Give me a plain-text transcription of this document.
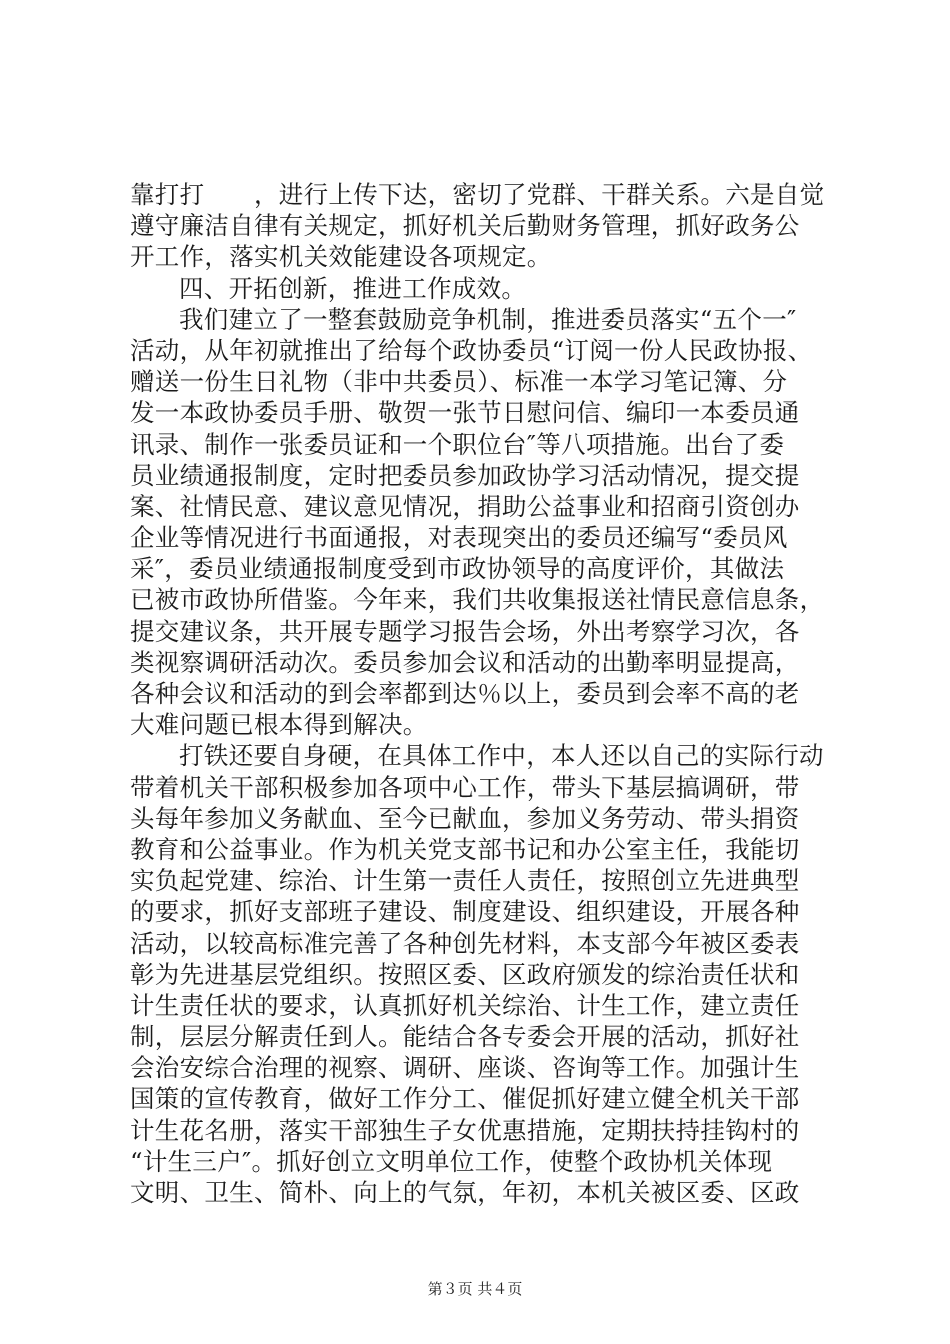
靠打打　　，进行上传下达，密切了党群、干群关系。六是自觉
遵守廉洁自律有关规定，抓好机关后勤财务管理，抓好政务公
开工作，落实机关效能建设各项规定。
四、开拓创新，推进工作成效。
我们建立了一整套鼓励竞争机制，推进委员落实“五个一″
活动，从年初就推出了给每个政协委员“订阅一份人民政协报、
赠送一份生日礼物（非中共委员）、标准一本学习笔记簿、分
发一本政协委员手册、敬贺一张节日慰问信、编印一本委员通
讯录、制作一张委员证和一个职位台″等八项措施。出台了委
员业绩通报制度，定时把委员参加政协学习活动情况，提交提
案、社情民意、建议意见情况，捐助公益事业和招商引资创办
企业等情况进行书面通报，对表现突出的委员还编写“委员风
采″，委员业绩通报制度受到市政协领导的高度评价，其做法
已被市政协所借鉴。今年来，我们共收集报送社情民意信息条，
提交建议条，共开展专题学习报告会场，外出考察学习次，各
类视察调研活动次。委员参加会议和活动的出勤率明显提高，
各种会议和活动的到会率都到达％以上，委员到会率不高的老
大难问题已根本得到解决。
打铁还要自身硬，在具体工作中，本人还以自己的实际行动
带着机关干部积极参加各项中心工作，带头下基层搞调研，带
头每年参加义务献血、至今已献血，参加义务劳动、带头捐资
教育和公益事业。作为机关党支部书记和办公室主任，我能切
实负起党建、综治、计生第一责任人责任，按照创立先进典型
的要求，抓好支部班子建设、制度建设、组织建设，开展各种
活动，以较高标准完善了各种创先材料，本支部今年被区委表
彰为先进基层党组织。按照区委、区政府颁发的综治责任状和
计生责任状的要求，认真抓好机关综治、计生工作，建立责任
制，层层分解责任到人。能结合各专委会开展的活动，抓好社
会治安综合治理的视察、调研、座谈、咨询等工作。加强计生
国策的宣传教育，做好工作分工、催促抓好建立健全机关干部
计生花名册，落实干部独生子女优惠措施，定期扶持挂钩村的
“计生三户″。抓好创立文明单位工作，使整个政协机关体现
文明、卫生、简朴、向上的气氛，年初，本机关被区委、区政
第３页 共４页
